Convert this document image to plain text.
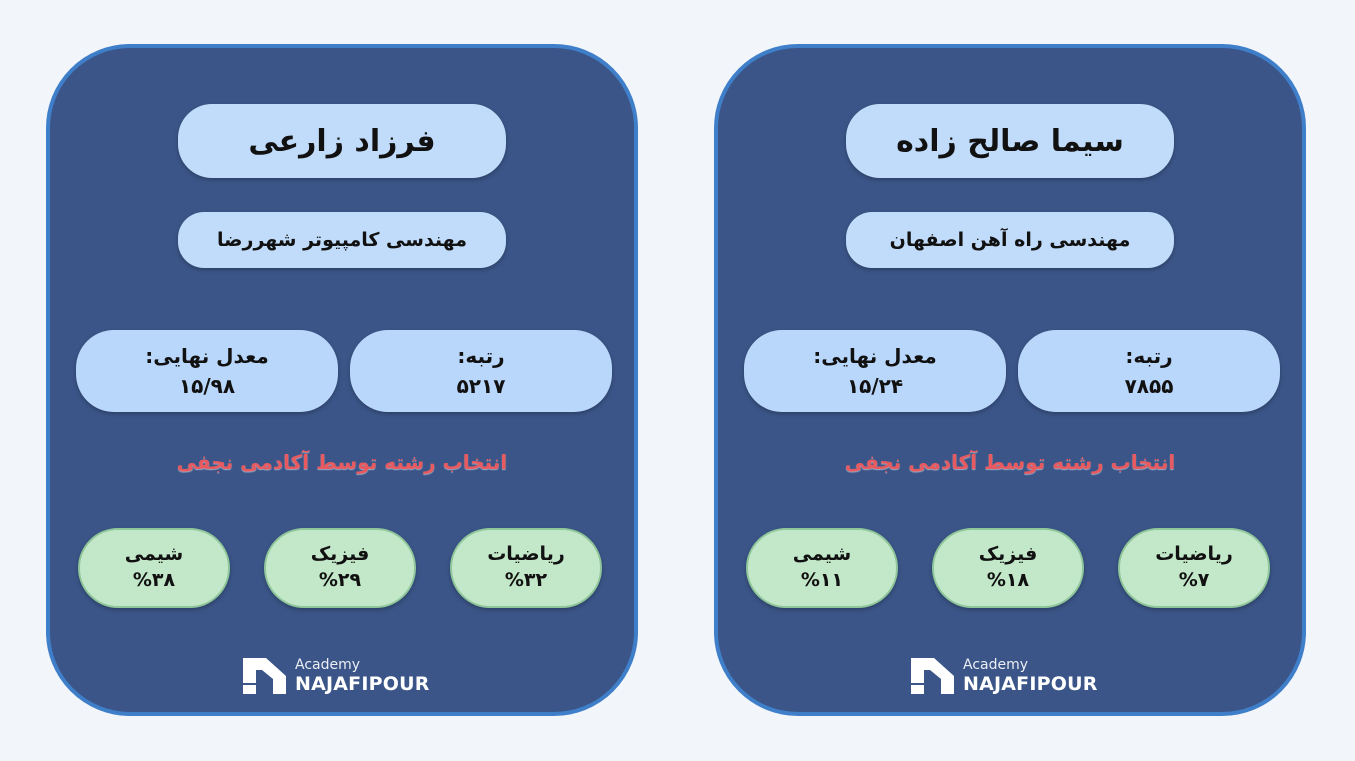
فرزاد زارعی
مهندسی کامپیوتر شهررضا
معدل نهایی:
۱۵/۹۸
رتبه:
۵۲۱۷
انتخاب رشته توسط آکادمی نجفی
ریاضیات
%۳۲
فیزیک
%۲۹
شیمی
%۳۸
Academy
NAJAFIPOUR
سیما صالح زاده
مهندسی راه آهن اصفهان
معدل نهایی:
۱۵/۲۴
رتبه:
۷۸۵۵
انتخاب رشته توسط آکادمی نجفی
ریاضیات
%۷
فیزیک
%۱۸
شیمی
%۱۱
Academy
NAJAFIPOUR
